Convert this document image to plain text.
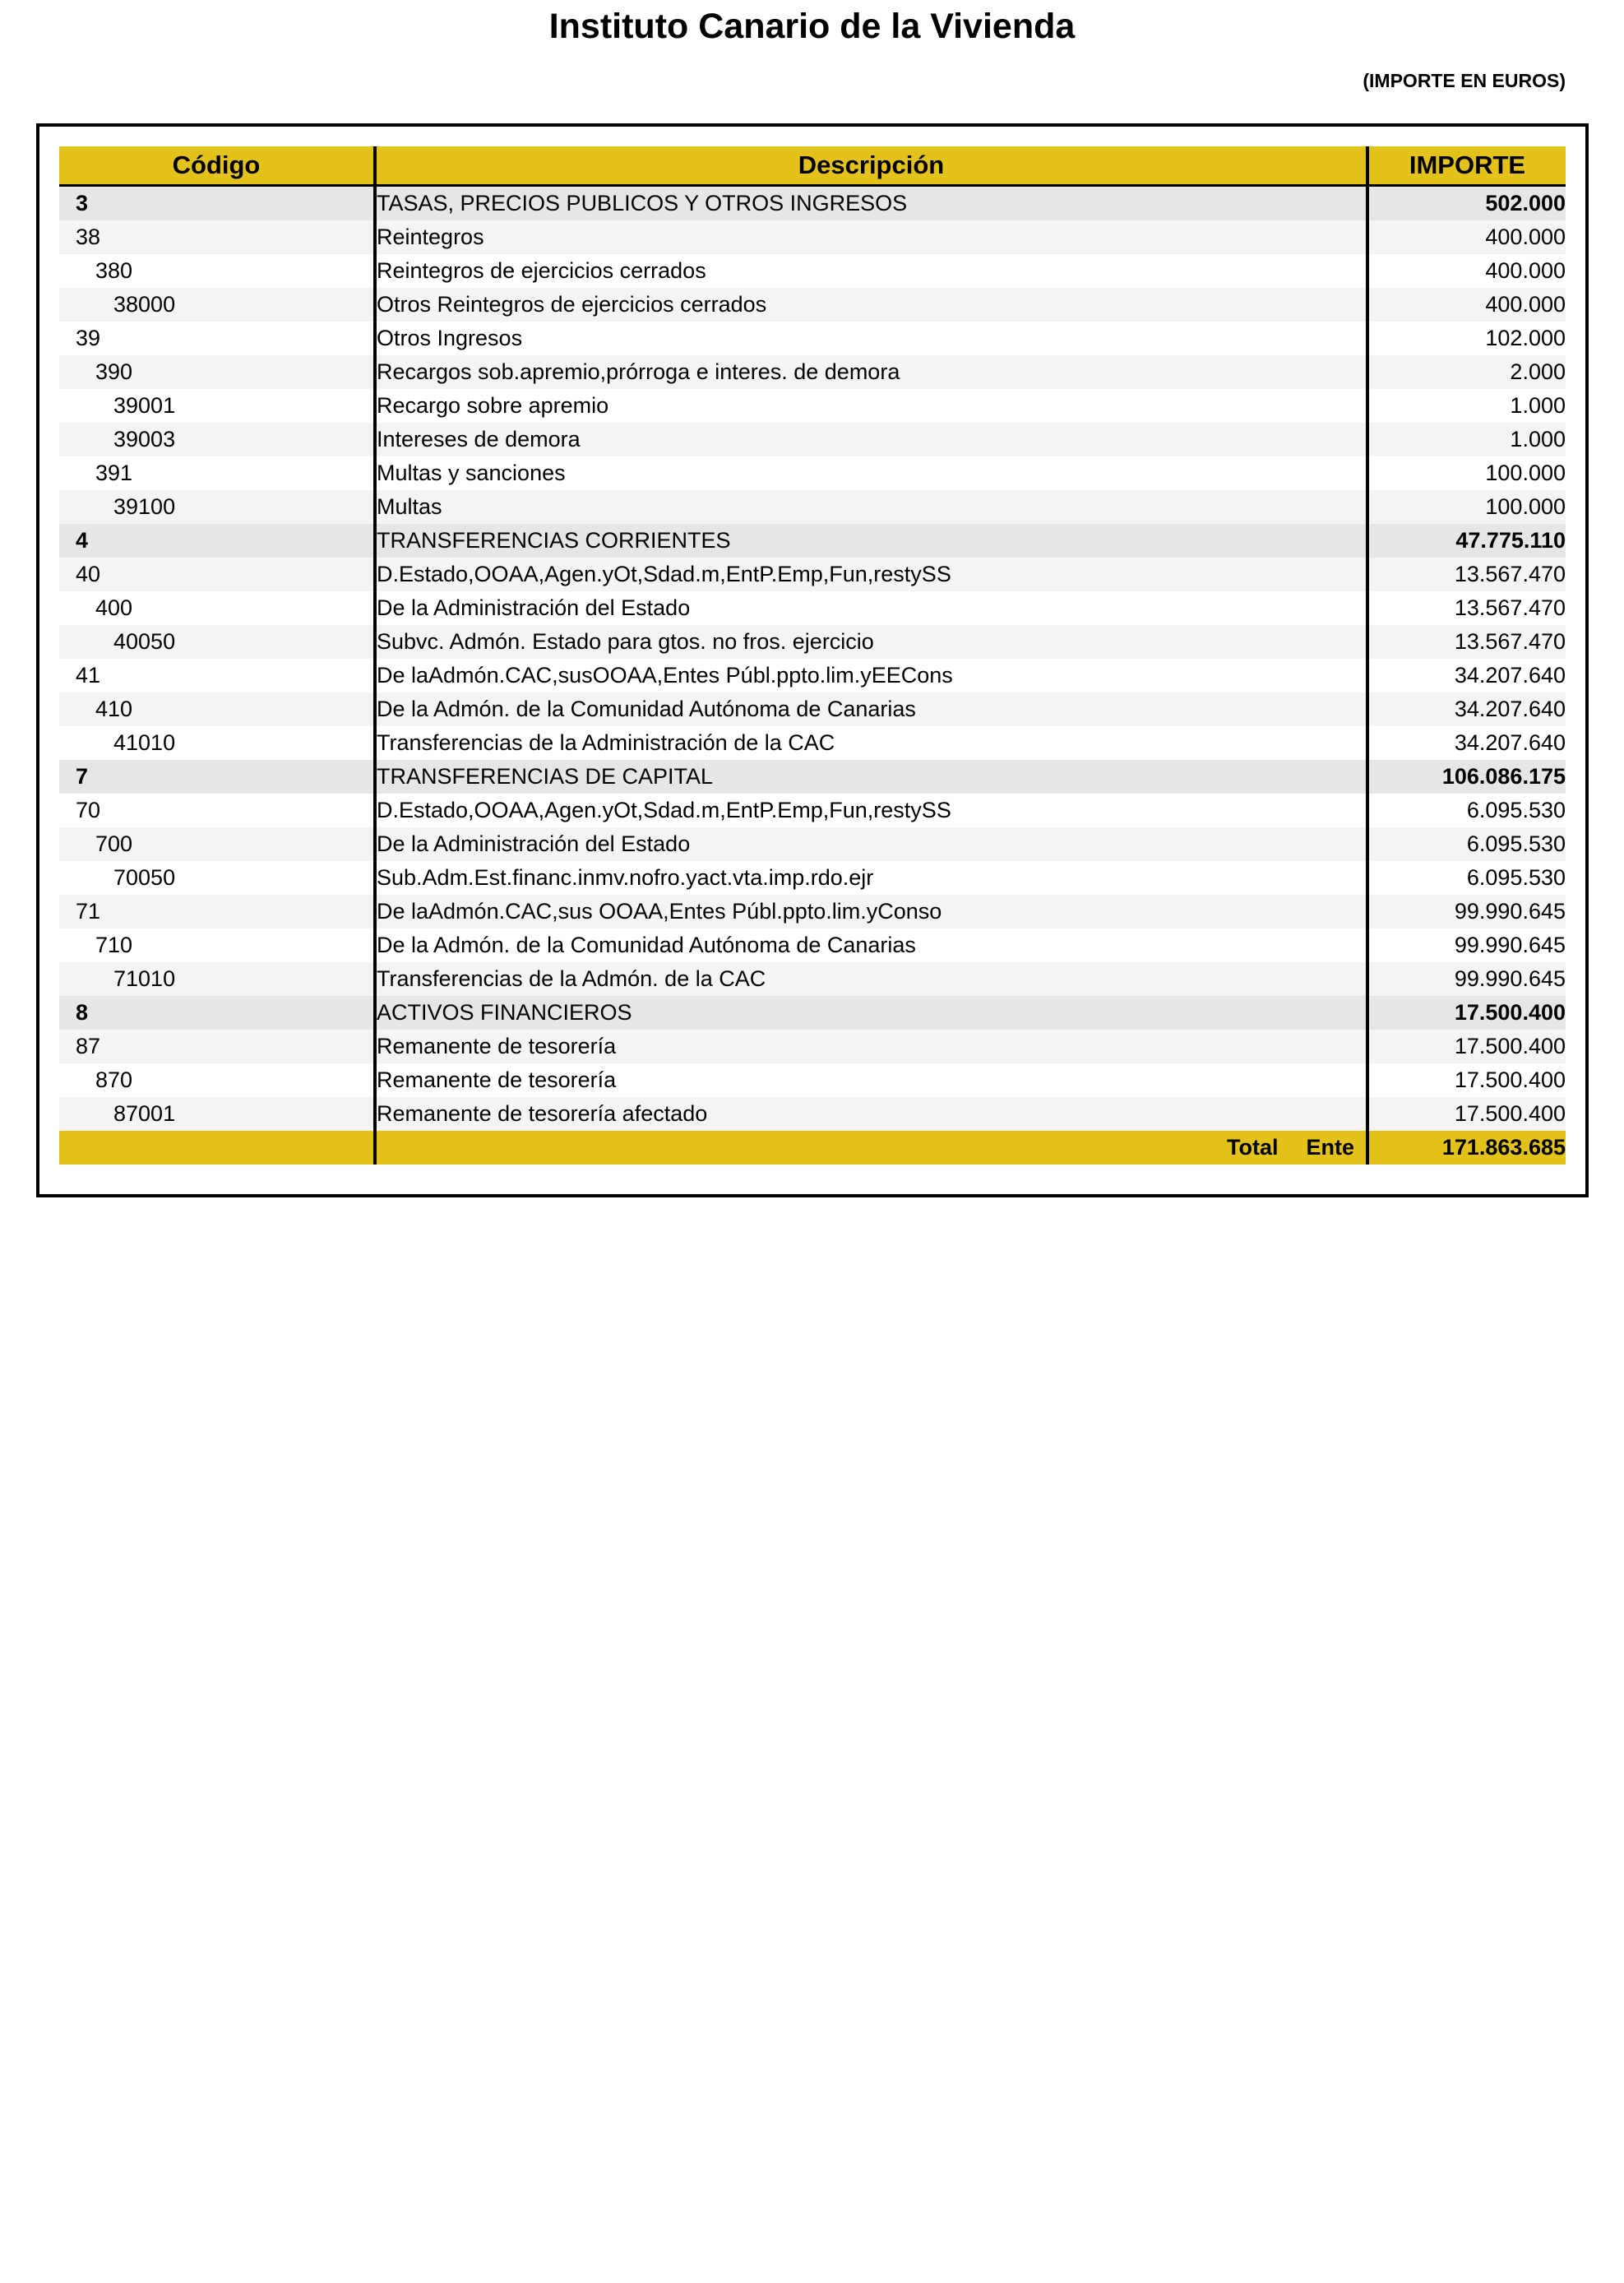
Instituto Canario de la Vivienda
(IMPORTE EN EUROS)
Código	Descripción	IMPORTE
3	TASAS, PRECIOS PUBLICOS Y OTROS INGRESOS	502.000
38	Reintegros	400.000
380	Reintegros de ejercicios cerrados	400.000
38000	Otros Reintegros de ejercicios cerrados	400.000
39	Otros Ingresos	102.000
390	Recargos sob.apremio,prórroga e interes. de demora	2.000
39001	Recargo sobre apremio	1.000
39003	Intereses de demora	1.000
391	Multas y sanciones	100.000
39100	Multas	100.000
4	TRANSFERENCIAS CORRIENTES	47.775.110
40	D.Estado,OOAA,Agen.yOt,Sdad.m,EntP.Emp,Fun,restySS	13.567.470
400	De la Administración del Estado	13.567.470
40050	Subvc. Admón. Estado para gtos. no fros. ejercicio	13.567.470
41	De laAdmón.CAC,susOOAA,Entes Públ.ppto.lim.yEECons	34.207.640
410	De la Admón. de la Comunidad Autónoma de Canarias	34.207.640
41010	Transferencias de la Administración de la CAC	34.207.640
7	TRANSFERENCIAS DE CAPITAL	106.086.175
70	D.Estado,OOAA,Agen.yOt,Sdad.m,EntP.Emp,Fun,restySS	6.095.530
700	De la Administración del Estado	6.095.530
70050	Sub.Adm.Est.financ.inmv.nofro.yact.vta.imp.rdo.ejr	6.095.530
71	De laAdmón.CAC,sus OOAA,Entes Públ.ppto.lim.yConso	99.990.645
710	De la Admón. de la Comunidad Autónoma de Canarias	99.990.645
71010	Transferencias de la Admón. de la CAC	99.990.645
8	ACTIVOS FINANCIEROS	17.500.400
87	Remanente de tesorería	17.500.400
870	Remanente de tesorería	17.500.400
87001	Remanente de tesorería afectado	17.500.400
	Total Ente	171.863.685
